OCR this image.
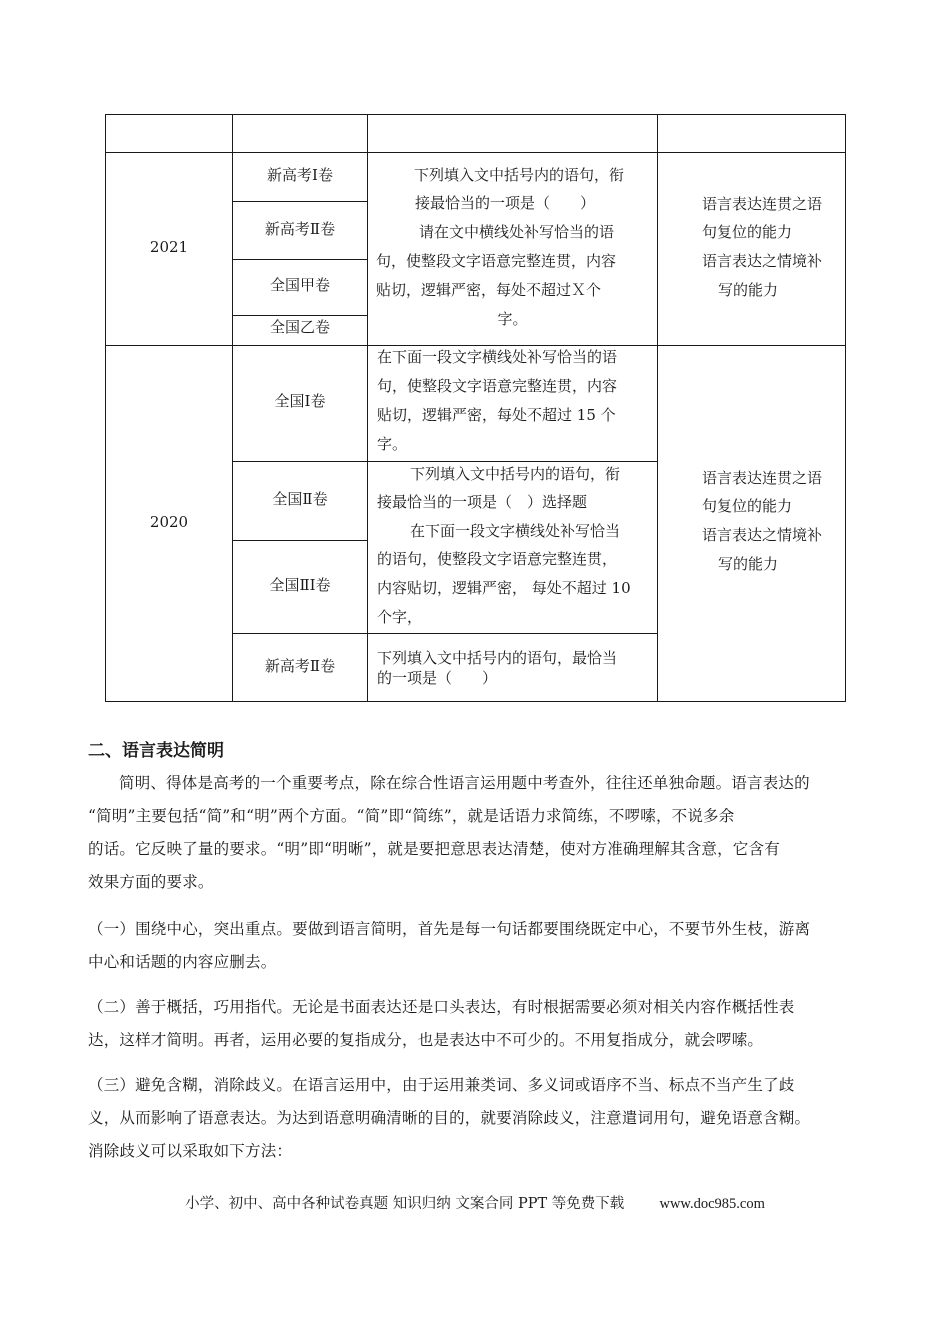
2021
新高考Ⅰ卷
新高考Ⅱ卷
全国甲卷
全国乙卷
下列填入文中括号内的语句，衔
接最恰当的一项是（　　）
请在文中横线处补写恰当的语
句，使整段文字语意完整连贯，内容
贴切，逻辑严密，每处不超过Ｘ个
字。
语言表达连贯之语
句复位的能力
语言表达之情境补
写的能力
2020
全国Ⅰ卷
全国Ⅱ卷
全国ⅡⅠ卷
新高考Ⅱ卷
在下面一段文字横线处补写恰当的语
句，使整段文字语意完整连贯，内容
贴切，逻辑严密，每处不超过 15 个
字。
下列填入文中括号内的语句，衔
接最恰当的一项是（　）选择题
在下面一段文字横线处补写恰当
的语句，使整段文字语意完整连贯，
内容贴切，逻辑严密， 每处不超过 10
个字，
下列填入文中括号内的语句，最恰当
的一项是（　　）
语言表达连贯之语
句复位的能力
语言表达之情境补
写的能力
二、语言表达简明
简明、得体是高考的一个重要考点，除在综合性语言运用题中考查外，往往还单独命题。语言表达的
“简明”主要包括“简”和“明”两个方面。“简”即“简练”，就是话语力求简练，不啰嗦，不说多余
的话。它反映了量的要求。“明”即“明晰”，就是要把意思表达清楚，使对方准确理解其含意，它含有
效果方面的要求。
（一）围绕中心，突出重点。要做到语言简明，首先是每一句话都要围绕既定中心，不要节外生枝，游离
中心和话题的内容应删去。
（二）善于概括，巧用指代。无论是书面表达还是口头表达，有时根据需要必须对相关内容作概括性表
达，这样才简明。再者，运用必要的复指成分，也是表达中不可少的。不用复指成分，就会啰嗦。
（三）避免含糊，消除歧义。在语言运用中，由于运用兼类词、多义词或语序不当、标点不当产生了歧
义，从而影响了语意表达。为达到语意明确清晰的目的，就要消除歧义，注意遣词用句，避免语意含糊。
消除歧义可以采取如下方法：
小学、初中、高中各种试卷真题 知识归纳 文案合同 PPT 等免费下载 www.doc985.com
